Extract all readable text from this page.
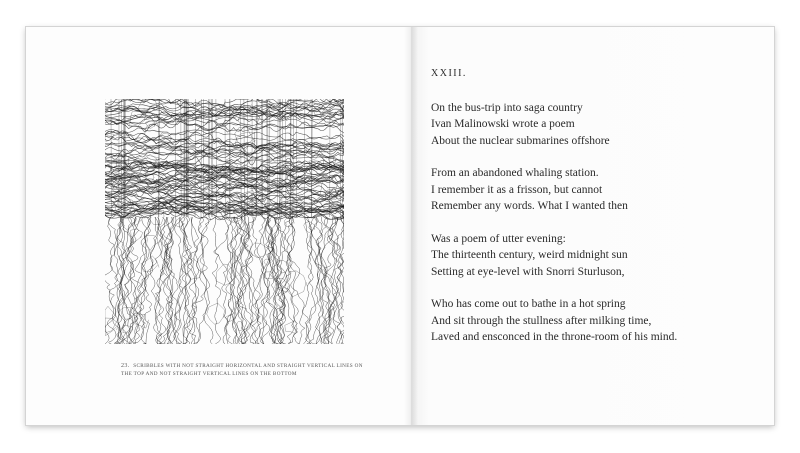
23. SCRIBBLES WITH NOT STRAIGHT HORIZONTAL AND STRAIGHT VERTICAL LINES ON THE TOP AND NOT STRAIGHT VERTICAL LINES ON THE BOTTOM
XXIII.
On the bus-trip into saga country
Ivan Malinowski wrote a poem
About the nuclear submarines offshore
From an abandoned whaling station.
I remember it as a frisson, but cannot
Remember any words. What I wanted then
Was a poem of utter evening:
The thirteenth century, weird midnight sun
Setting at eye-level with Snorri Sturluson,
Who has come out to bathe in a hot spring
And sit through the stullness after milking time,
Laved and ensconced in the throne-room of his mind.
